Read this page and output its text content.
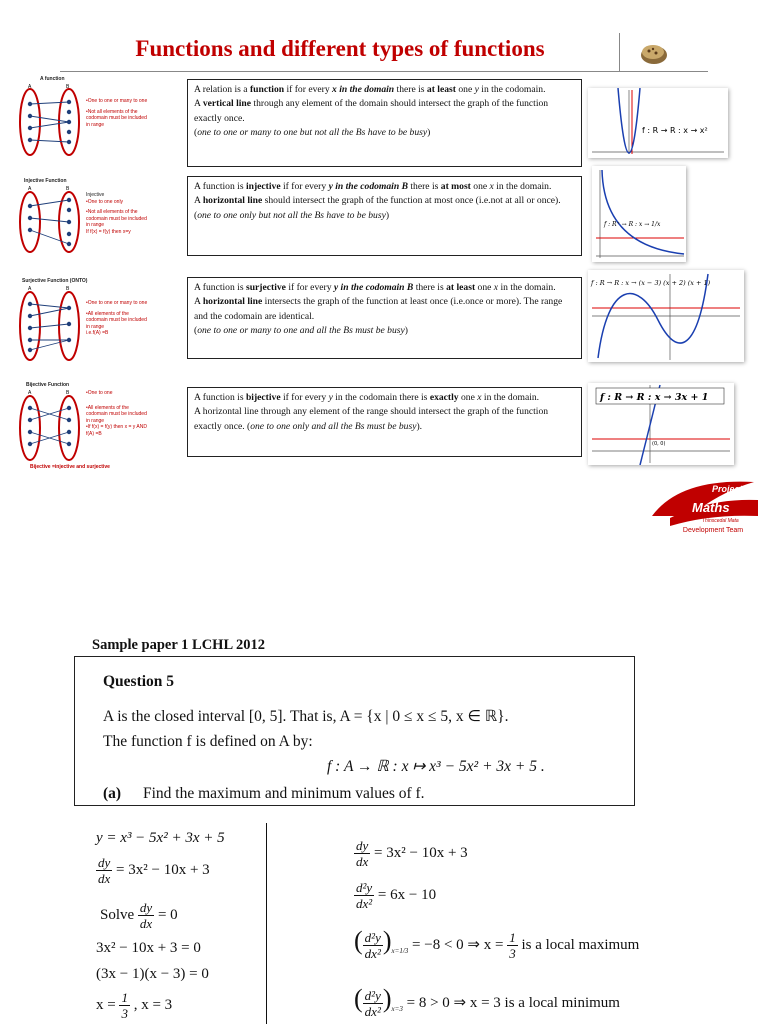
Functions and different types of functions
A function
A	B
•One to one or many to one
•Not all elements of the codomain must be included in range

A relation is a function if for every x in the domain there is at least one y in the codomain.

A vertical line through any element of the domain should intersect the graph of the function exactly once.

(one to one or many to one but not all the Bs have to be busy)	f : R → R : x → x²
Injective Function
A	B
Injective
•One to one only
•Not all elements of the codomain must be included in range
If f(x) = f(y) then x=y

A function is injective if for every y in the codomain B there is at most one x in the domain.

A horizontal line should intersect the graph of the function at most once (i.e.not at all or once).

(one to one only but not all the Bs have to be busy)

f : R⁺ → R : x → 1/x
Surjective Function (ONTO)
A	B
•One to one or many to one
•All elements of the codomain must be included in range
i.e.f(A) =B

A function is surjective if for every y in the codomain B there is at least one x in the domain.

A horizontal line intersects the graph of the function at least once (i.e.once or more). The range and the codomain are identical.

(one to one or many to one and all the Bs must be busy)

f : R → R : x → (x − 3) (x + 2) (x + 1)
Bijective Function
A	B	•One to one
•All elements of the codomain must be included in range
•If f(x) = f(y) then x = y AND f(A) =B
Bijective =injective and surjective

A function is bijective if for every y in the codomain there is exactly one x in the domain.

A horizontal line through any element of the range should intersect the graph of the function exactly once. (one to one only and all the Bs must be busy).

(0, 0)
f : R → R : x → 3x + 1
Project
Maths
Thinscedal Mata
Development Team
Sample paper 1 LCHL 2012
Question 5
A is the closed interval [0, 5]. That is, A = {x | 0 ≤ x ≤ 5, x ∈ ℝ}.
The function f is defined on A by:
f : A → ℝ : x ↦ x³ − 5x² + 3x + 5 .
(a) Find the maximum and minimum values of f.
y = x³ − 5x² + 3x + 5
$\frac{dy}{dx} = 3x^2 - 10x + 3$
Solve $\frac{dy}{dx} = 0$
3x² − 10x + 3 = 0
(3x − 1)(x − 3) = 0
$x = \frac{1}{3}$ , x = 3
$\frac{dy}{dx} = 3x^2 - 10x + 3$
$\frac{\text{d²y}}{\text{dx²}} = 6x - 10$
( $\frac{\text{d²y}}{\text{dx²}} )_{x=1/3} = -8 < 0$ ⇒ $x = \frac{1}{3}$ is a local maximum
( $\frac{\text{d²y}}{\text{dx²}} )_{x=3} = 8 > 0$ ⇒ x = 3 is a local minimum
